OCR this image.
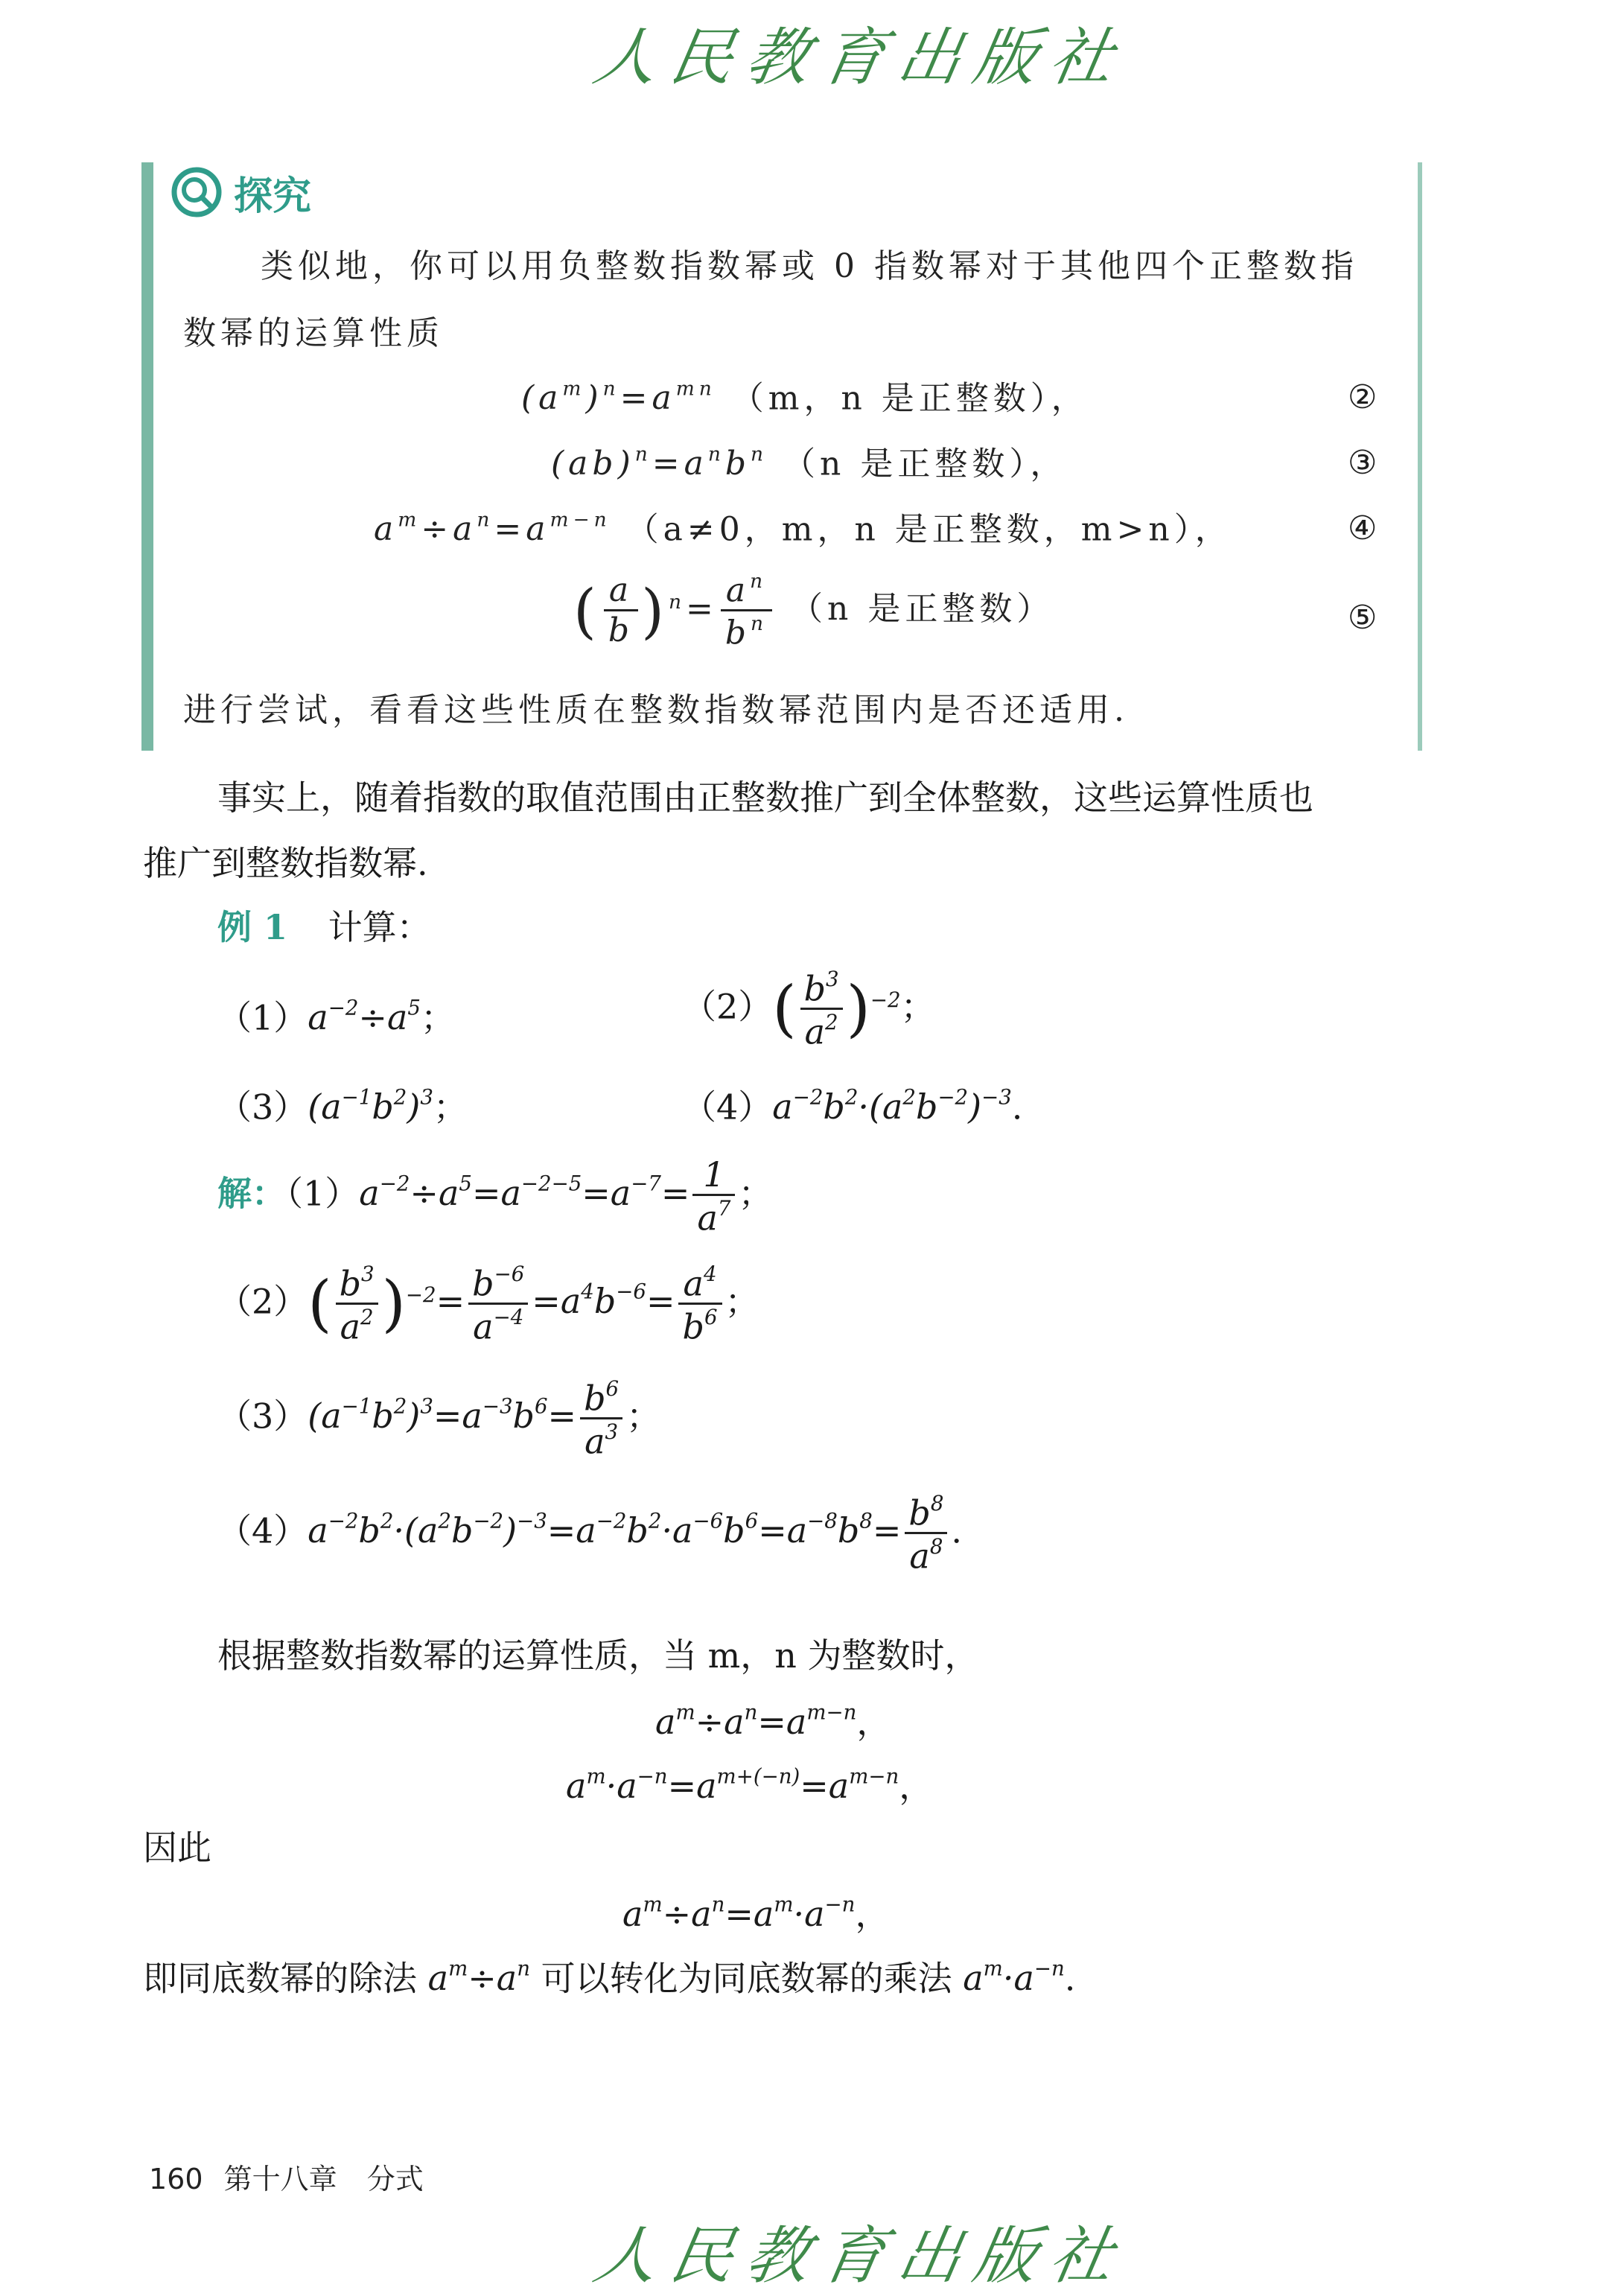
人民教育出版社
探究
类似地，你可以用负整数指数幂或 0 指数幂对于其他四个正整数指
数幂的运算性质
$(a^m)^n=a^{mn}$ （m，n 是正整数），	②
$(ab)^n=a^nb^n$ （n 是正整数），	③
$a^m\div a^n=a^{m-n}$ （a≠0，m，n 是正整数，m>n），	④
( $\frac{a}{b} )^n= \frac{a^n}{b^n} (n$ 是正整数）	⑤
进行尝试，看看这些性质在整数指数幂范围内是否还适用.
事实上，随着指数的取值范围由正整数推广到全体整数，这些运算性质也
推广到整数指数幂.
例 1 计算：
$(1)a^{-2}\div a^5$；	$(2)( \frac{b^3}{a^2} )^{-2}$；
$(3)(a^{-1}b^2)^3$；	$(4)a^{-2}b^2\cdot(a^2b^{-2})^{-3}$.
解：$(1)a^{-2}\div a^5=a^{-2-5}=a^{-7}= \frac{1}{a^7}$ ；
$(2)( \frac{b^3}{a^2} )^{-2}= \frac{b^{-6}}{a^{-4}} =a^4b^{-6}= \frac{a^4}{b^6}$ ；
$(3)(a^{-1}b^2)^3=a^{-3}b^6= \frac{b^6}{a^3}$ ；
$(4)a^{-2}b^2\cdot(a^2b^{-2})^{-3}=a^{-2}b^2\cdot a^{-6}b^6=a^{-8}b^8= \frac{b^8}{a^8}$ .
根据整数指数幂的运算性质，当 m，n 为整数时，
$a^m\div a^n=a^{m-n}$，
$a^m\cdot a^{-n}=a^{m+(-n)}=a^{m-n}$，
因此
$a^m\div a^n=a^m\cdot a^{-n}$，
即同底数幂的除法 $a^m\div a^n$ 可以转化为同底数幂的乘法 $a^m\cdot a^{-n}$.
160 第十八章 分式
人民教育出版社
